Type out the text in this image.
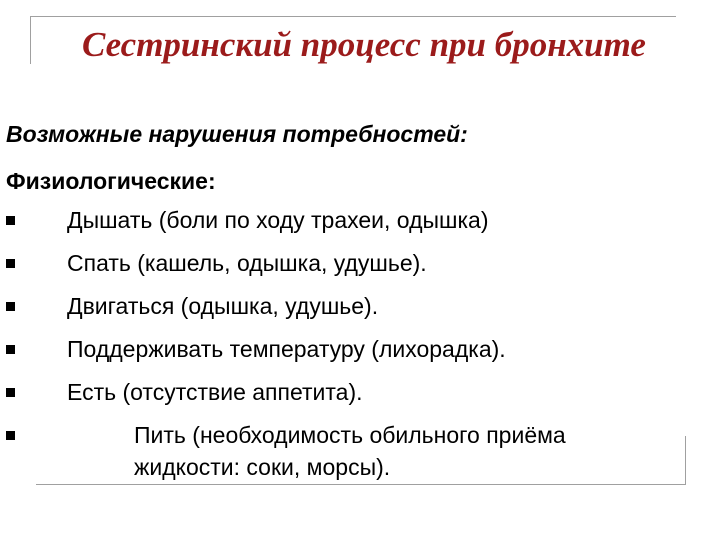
Сестринский процесс при бронхите
Возможные нарушения потребностей:
Физиологические:
Дышать (боли по ходу трахеи, одышка)
Спать (кашель, одышка, удушье).
Двигаться (одышка, удушье).
Поддерживать температуру (лихорадка).
Есть (отсутствие аппетита).
Пить (необходимость обильного приёма
жидкости: соки, морсы).
